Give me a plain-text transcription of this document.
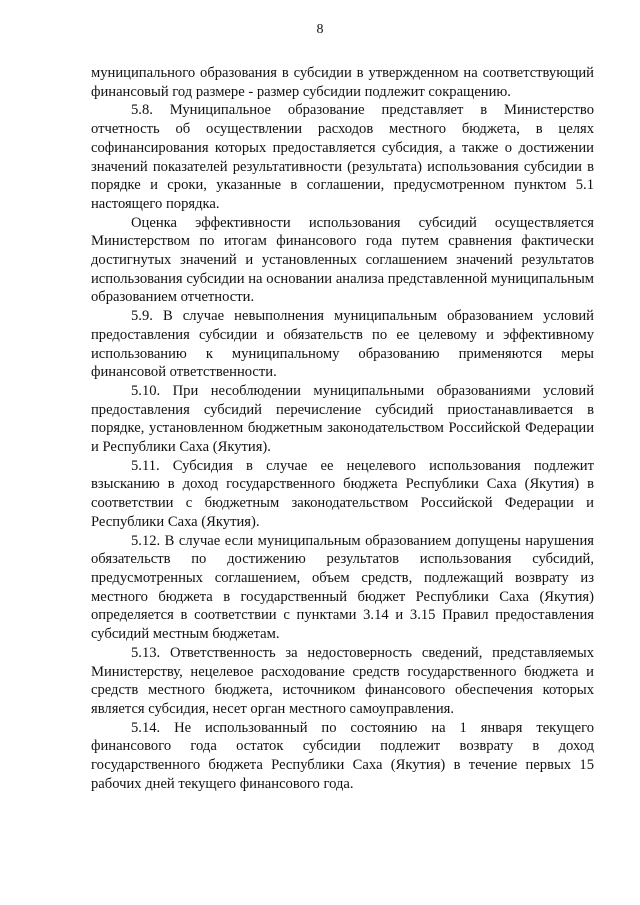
8

муниципального образования в субсидии в утвержденном на соответствующий финансовый год размере - размер субсидии подлежит сокращению.

5.8. Муниципальное образование представляет в Министерство отчетность об осуществлении расходов местного бюджета, в целях софинансирования которых предоставляется субсидия, а также о достижении значений показателей результативности (результата) использования субсидии в порядке и сроки, указанные в соглашении, предусмотренном пунктом 5.1 настоящего порядка.

Оценка эффективности использования субсидий осуществляется Министерством по итогам финансового года путем сравнения фактически достигнутых значений и установленных соглашением значений результатов использования субсидии на основании анализа представленной муниципальным образованием отчетности.

5.9. В случае невыполнения муниципальным образованием условий предоставления субсидии и обязательств по ее целевому и эффективному использованию к муниципальному образованию применяются меры финансовой ответственности.

5.10. При несоблюдении муниципальными образованиями условий предоставления субсидий перечисление субсидий приостанавливается в порядке, установленном бюджетным законодательством Российской Федерации и Республики Саха (Якутия).

5.11. Субсидия в случае ее нецелевого использования подлежит взысканию в доход государственного бюджета Республики Саха (Якутия) в соответствии с бюджетным законодательством Российской Федерации и Республики Саха (Якутия).

5.12. В случае если муниципальным образованием допущены нарушения обязательств по достижению результатов использования субсидий, предусмотренных соглашением, объем средств, подлежащий возврату из местного бюджета в государственный бюджет Республики Саха (Якутия) определяется в соответствии с пунктами 3.14 и 3.15 Правил предоставления субсидий местным бюджетам.

5.13. Ответственность за недостоверность сведений, представляемых Министерству, нецелевое расходование средств государственного бюджета и средств местного бюджета, источником финансового обеспечения которых является субсидия, несет орган местного самоуправления.

5.14. Не использованный по состоянию на 1 января текущего финансового года остаток субсидии подлежит возврату в доход государственного бюджета Республики Саха (Якутия) в течение первых 15 рабочих дней текущего финансового года.
